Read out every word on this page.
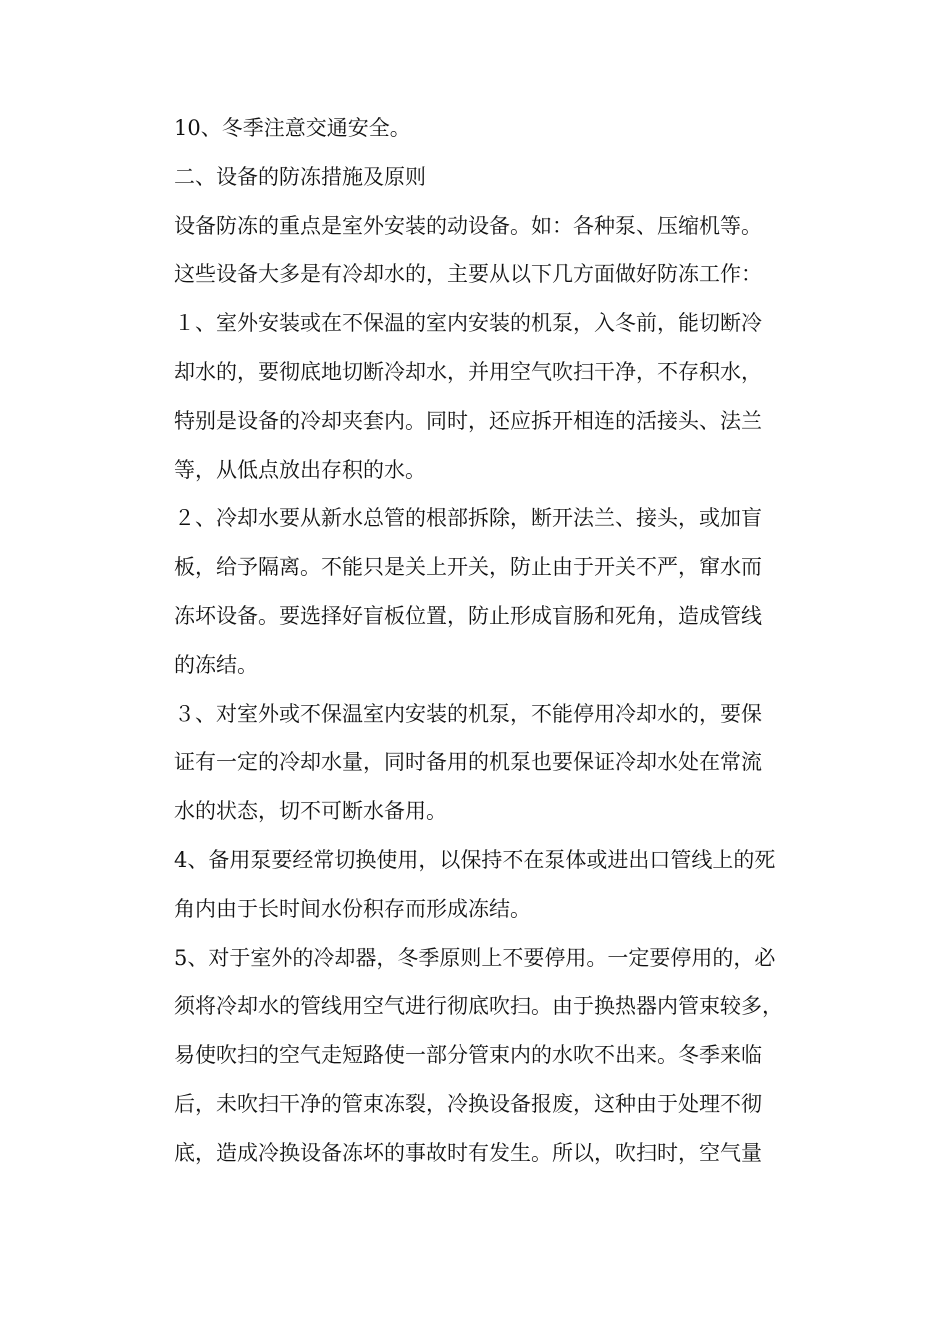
10、冬季注意交通安全。
二、设备的防冻措施及原则
设备防冻的重点是室外安装的动设备。如：各种泵、压缩机等。
这些设备大多是有冷却水的，主要从以下几方面做好防冻工作：
１、室外安装或在不保温的室内安装的机泵，入冬前，能切断冷
却水的，要彻底地切断冷却水，并用空气吹扫干净，不存积水，
特别是设备的冷却夹套内。同时，还应拆开相连的活接头、法兰
等，从低点放出存积的水。
２、冷却水要从新水总管的根部拆除，断开法兰、接头，或加盲
板，给予隔离。不能只是关上开关，防止由于开关不严，窜水而
冻坏设备。要选择好盲板位置，防止形成盲肠和死角，造成管线
的冻结。
３、对室外或不保温室内安装的机泵，不能停用冷却水的，要保
证有一定的冷却水量，同时备用的机泵也要保证冷却水处在常流
水的状态，切不可断水备用。
4、备用泵要经常切换使用，以保持不在泵体或进出口管线上的死
角内由于长时间水份积存而形成冻结。
5、对于室外的冷却器，冬季原则上不要停用。一定要停用的，必
须将冷却水的管线用空气进行彻底吹扫。由于换热器内管束较多，
易使吹扫的空气走短路使一部分管束内的水吹不出来。冬季来临
后，未吹扫干净的管束冻裂，冷换设备报废，这种由于处理不彻
底，造成冷换设备冻坏的事故时有发生。所以，吹扫时，空气量
